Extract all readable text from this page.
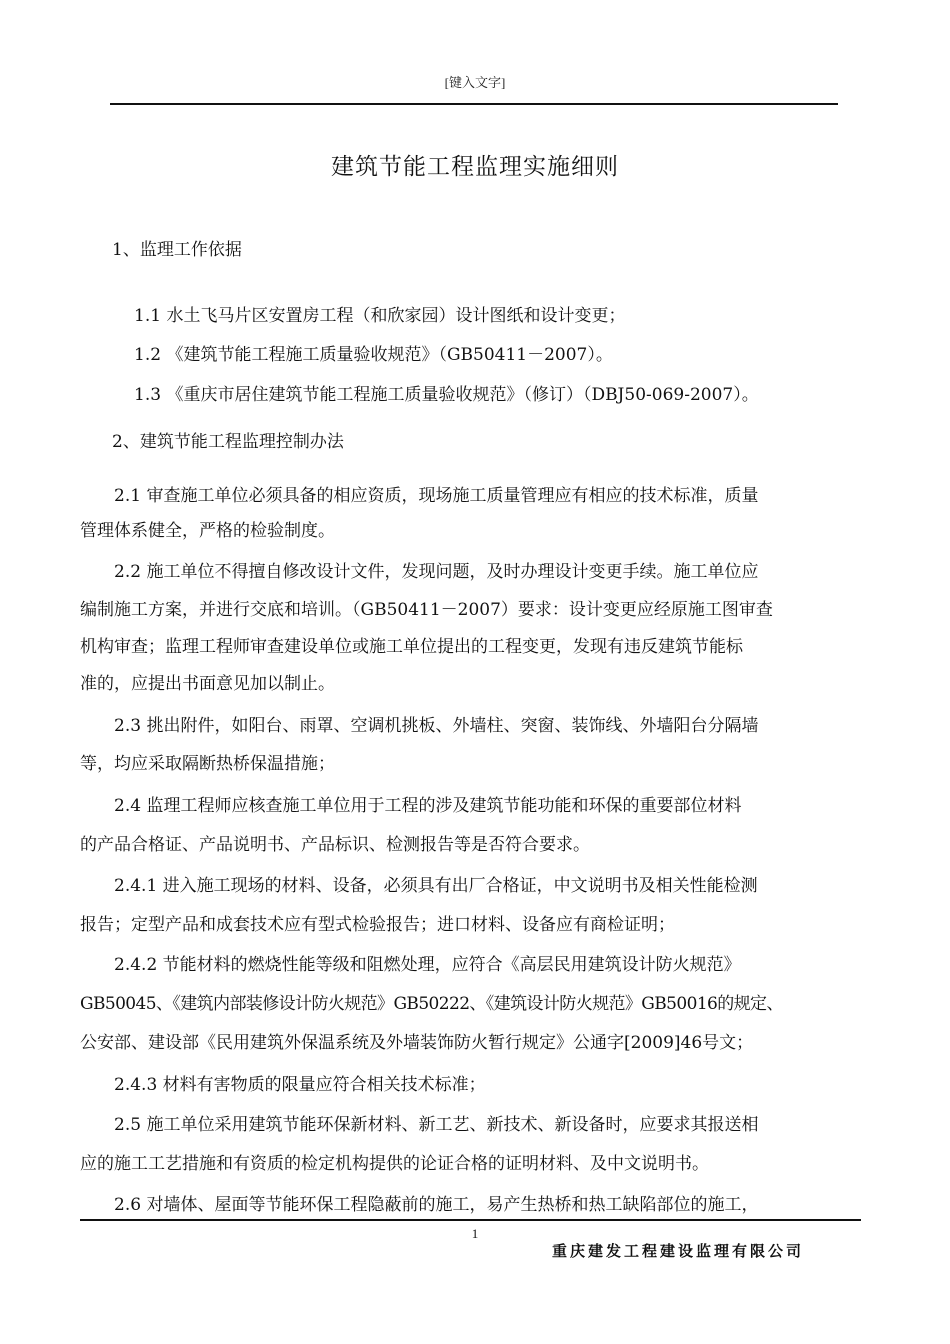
[键入文字]
建筑节能工程监理实施细则
1、监理工作依据
1.1 水土飞马片区安置房工程（和欣家园）设计图纸和设计变更；
1.2 《建筑节能工程施工质量验收规范》（GB50411－2007）。
1.3 《重庆市居住建筑节能工程施工质量验收规范》（修订）（DBJ50-069-2007）。
2、建筑节能工程监理控制办法
2.1 审查施工单位必须具备的相应资质，现场施工质量管理应有相应的技术标准，质量
管理体系健全，严格的检验制度。
2.2 施工单位不得擅自修改设计文件，发现问题，及时办理设计变更手续。施工单位应
编制施工方案，并进行交底和培训。（GB50411－2007）要求：设计变更应经原施工图审查
机构审查；监理工程师审查建设单位或施工单位提出的工程变更，发现有违反建筑节能标
准的，应提出书面意见加以制止。
2.3 挑出附件，如阳台、雨罩、空调机挑板、外墙柱、突窗、装饰线、外墙阳台分隔墙
等，均应采取隔断热桥保温措施；
2.4 监理工程师应核查施工单位用于工程的涉及建筑节能功能和环保的重要部位材料
的产品合格证、产品说明书、产品标识、检测报告等是否符合要求。
2.4.1 进入施工现场的材料、设备，必须具有出厂合格证，中文说明书及相关性能检测
报告；定型产品和成套技术应有型式检验报告；进口材料、设备应有商检证明；
2.4.2 节能材料的燃烧性能等级和阻燃处理，应符合《高层民用建筑设计防火规范》
GB50045、《建筑内部装修设计防火规范》GB50222、《建筑设计防火规范》GB50016的规定、
公安部、建设部《民用建筑外保温系统及外墙装饰防火暂行规定》公通字[2009]46号文；
2.4.3 材料有害物质的限量应符合相关技术标准；
2.5 施工单位采用建筑节能环保新材料、新工艺、新技术、新设备时，应要求其报送相
应的施工工艺措施和有资质的检定机构提供的论证合格的证明材料、及中文说明书。
2.6 对墙体、屋面等节能环保工程隐蔽前的施工，易产生热桥和热工缺陷部位的施工，
1
重庆建发工程建设监理有限公司
